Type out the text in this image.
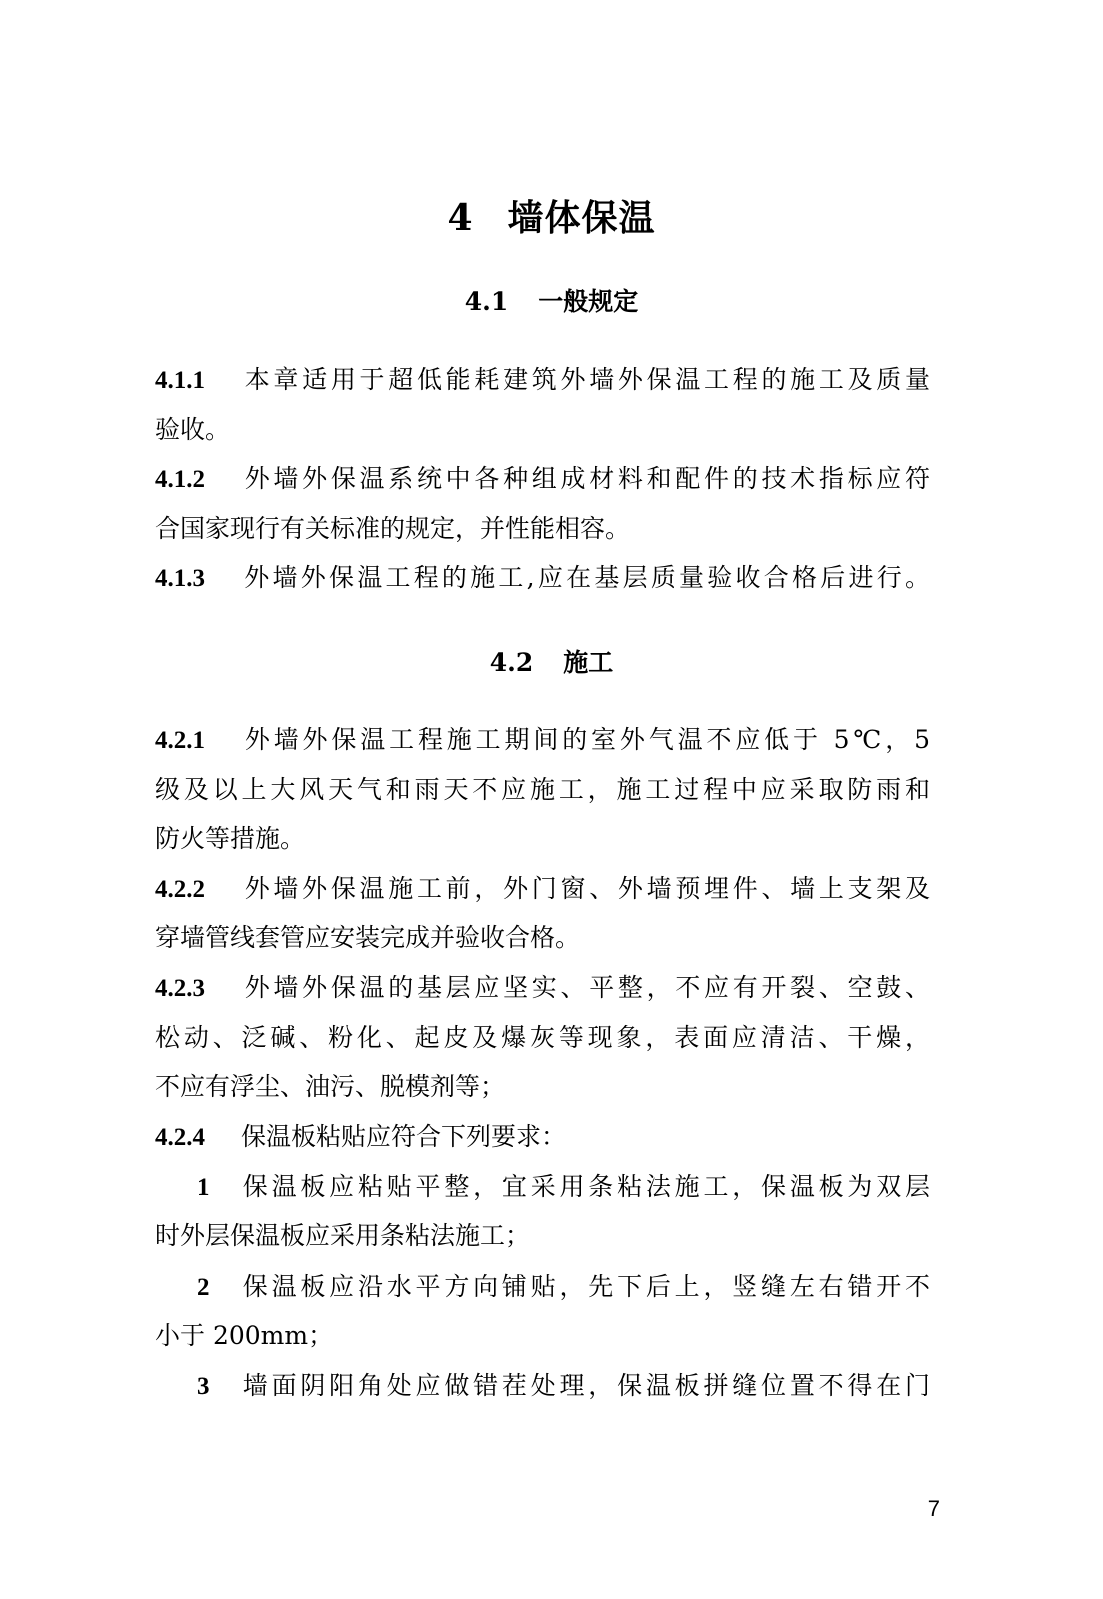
4 墙体保温
4.1 一般规定
4.1.1 本章适用于超低能耗建筑外墙外保温工程的施工及质量
验收。
4.1.2 外墙外保温系统中各种组成材料和配件的技术指标应符
合国家现行有关标准的规定，并性能相容。
4.1.3 外墙外保温工程的施工,应在基层质量验收合格后进行。
4.2 施工
4.2.1 外墙外保温工程施工期间的室外气温不应低于 5℃，5
级及以上大风天气和雨天不应施工，施工过程中应采取防雨和
防火等措施。
4.2.2 外墙外保温施工前，外门窗、外墙预埋件、墙上支架及
穿墙管线套管应安装完成并验收合格。
4.2.3 外墙外保温的基层应坚实、平整，不应有开裂、空鼓、
松动、泛碱、粉化、起皮及爆灰等现象，表面应清洁、干燥，
不应有浮尘、油污、脱模剂等；
4.2.4 保温板粘贴应符合下列要求：
1 保温板应粘贴平整，宜采用条粘法施工，保温板为双层
时外层保温板应采用条粘法施工；
2 保温板应沿水平方向铺贴，先下后上，竖缝左右错开不
小于 200mm；
3 墙面阴阳角处应做错茬处理，保温板拼缝位置不得在门
7
